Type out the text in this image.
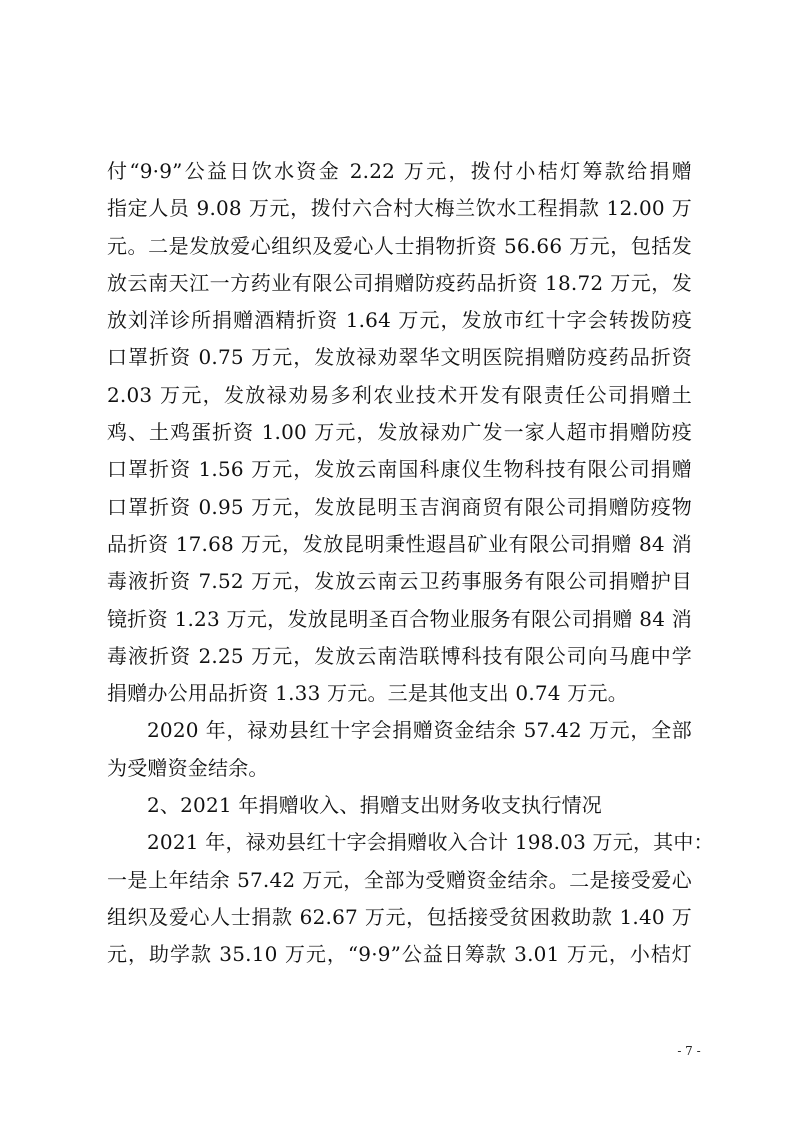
付“9·9”公益日饮水资金 2.22 万元，拨付小桔灯筹款给捐赠
指定人员 9.08 万元，拨付六合村大梅兰饮水工程捐款 12.00 万
元。二是发放爱心组织及爱心人士捐物折资 56.66 万元，包括发
放云南天江一方药业有限公司捐赠防疫药品折资 18.72 万元，发
放刘洋诊所捐赠酒精折资 1.64 万元，发放市红十字会转拨防疫
口罩折资 0.75 万元，发放禄劝翠华文明医院捐赠防疫药品折资
2.03 万元，发放禄劝易多利农业技术开发有限责任公司捐赠土
鸡、土鸡蛋折资 1.00 万元，发放禄劝广发一家人超市捐赠防疫
口罩折资 1.56 万元，发放云南国科康仪生物科技有限公司捐赠
口罩折资 0.95 万元，发放昆明玉吉润商贸有限公司捐赠防疫物
品折资 17.68 万元，发放昆明秉性遐昌矿业有限公司捐赠 84 消
毒液折资 7.52 万元，发放云南云卫药事服务有限公司捐赠护目
镜折资 1.23 万元，发放昆明圣百合物业服务有限公司捐赠 84 消
毒液折资 2.25 万元，发放云南浩联博科技有限公司向马鹿中学
捐赠办公用品折资 1.33 万元。三是其他支出 0.74 万元。
2020 年，禄劝县红十字会捐赠资金结余 57.42 万元，全部
为受赠资金结余。
2、2021 年捐赠收入、捐赠支出财务收支执行情况
2021 年，禄劝县红十字会捐赠收入合计 198.03 万元，其中：
一是上年结余 57.42 万元，全部为受赠资金结余。二是接受爱心
组织及爱心人士捐款 62.67 万元，包括接受贫困救助款 1.40 万
元，助学款 35.10 万元，“9·9”公益日筹款 3.01 万元，小桔灯
- 7 -
